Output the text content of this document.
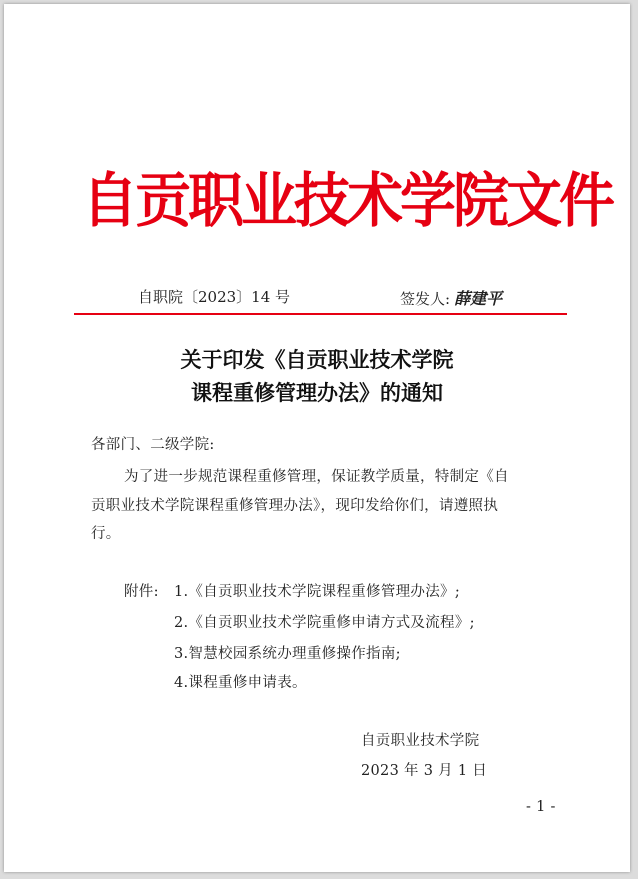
自贡职业技术学院文件
自职院〔2023〕14 号	签发人: 薛建平
关于印发《自贡职业技术学院
课程重修管理办法》的通知
各部门、二级学院:
为了进一步规范课程重修管理，保证教学质量，特制定《自
贡职业技术学院课程重修管理办法》，现印发给你们，请遵照执
行。
附件: 1.《自贡职业技术学院课程重修管理办法》;
2.《自贡职业技术学院重修申请方式及流程》;
3.智慧校园系统办理重修操作指南;
4.课程重修申请表。
自贡职业技术学院
2023 年 3 月 1 日
- 1 -
